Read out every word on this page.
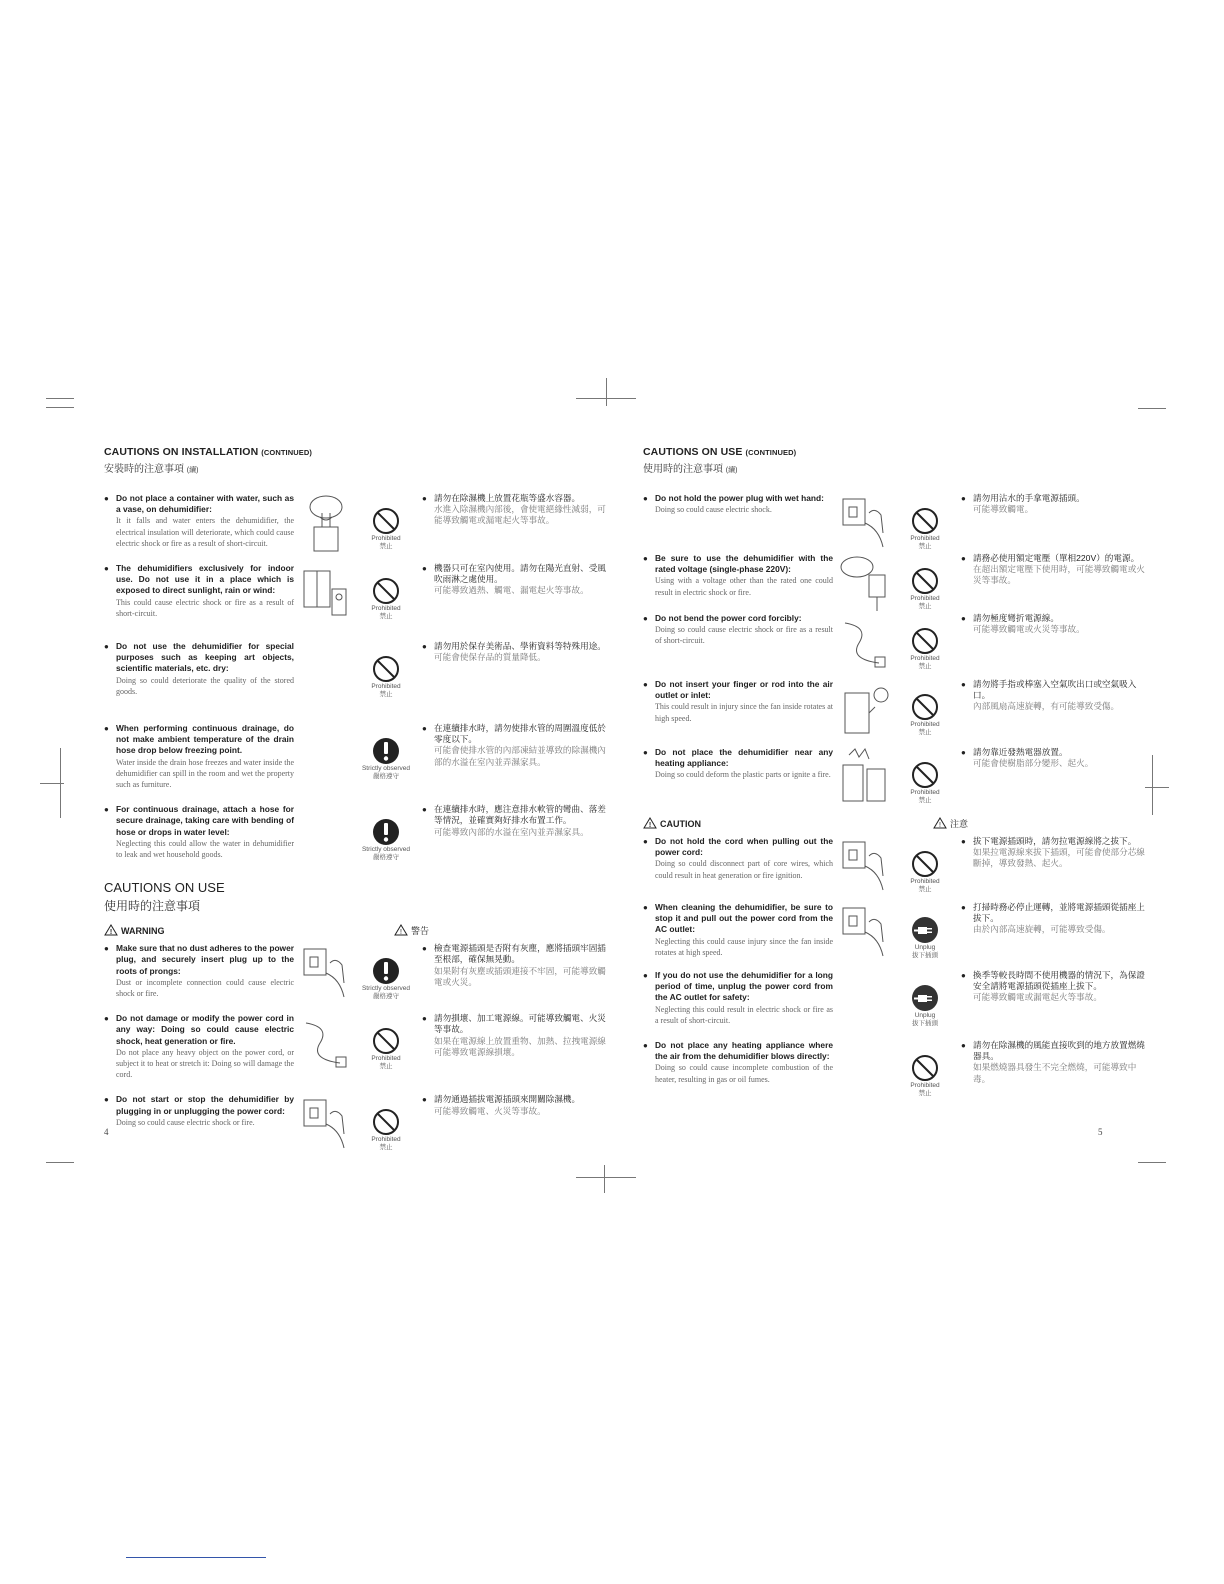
CAUTIONS ON INSTALLATION (CONTINUED)
安裝時的注意事項 (續)
● Do not place a container with water, such as a vase, on dehumidifier:
It it falls and water enters the dehumidifier, the electrical insulation will deteriorate, which could cause electric shock or fire as a result of short-circuit.
Prohibited
禁止
● 請勿在除濕機上放置花瓶等盛水容器。
水進入除濕機內部後，會使電絕緣性減弱，可能導致觸電或漏電起火等事故。
● The dehumidifiers exclusively for indoor use. Do not use it in a place which is exposed to direct sunlight, rain or wind:
This could cause electric shock or fire as a result of short-circuit.
Prohibited
禁止
● 機器只可在室內使用。請勿在陽光直射、受風吹雨淋之處使用。
可能導致過熱、觸電、漏電起火等事故。
● Do not use the dehumidifier for special purposes such as keeping art objects, scientific materials, etc. dry:
Doing so could deteriorate the quality of the stored goods.
Prohibited
禁止
● 請勿用於保存美術品、學術資料等特殊用途。
可能會使保存品的質量降低。
● When performing continuous drainage, do not make ambient temperature of the drain hose drop below freezing point.
Water inside the drain hose freezes and water inside the dehumidifier can spill in the room and wet the property such as furniture.
Strictly observed
嚴格遵守
● 在連續排水時，請勿使排水管的周圍溫度低於零度以下。
可能會使排水管的內部凍結並導致的除濕機內部的水溢在室內並弄濕家具。
● For continuous drainage, attach a hose for secure drainage, taking care with bending of hose or drops in water level:
Neglecting this could allow the water in dehumidifier to leak and wet household goods.
Strictly observed
嚴格遵守
● 在連續排水時，應注意排水軟管的彎曲、落差等情況，並確實夠好排水布置工作。
可能導致內部的水溢在室內並弄濕家具。
CAUTIONS ON USE
使用時的注意事項
! WARNING	! 警告
● Make sure that no dust adheres to the power plug, and securely insert plug up to the roots of prongs:
Dust or incomplete connection could cause electric shock or fire.
Strictly observed
嚴格遵守
● 檢查電源插頭是否附有灰塵，應將插頭牢固插至根部，確保無晃動。
如果附有灰塵或插頭連接不牢固，可能導致觸電或火災。
● Do not damage or modify the power cord in any way: Doing so could cause electric shock, heat generation or fire.
Do not place any heavy object on the power cord, or subject it to heat or stretch it: Doing so will damage the cord.
Prohibited
禁止
● 請勿損壞、加工電源線。可能導致觸電、火災等事故。
如果在電源線上放置重物、加熱、拉拽電源線可能導致電源線損壞。
● Do not start or stop the dehumidifier by plugging in or unplugging the power cord:
Doing so could cause electric shock or fire.
Prohibited
禁止
● 請勿通過插拔電源插頭來開關除濕機。
可能導致觸電、火災等事故。
4
CAUTIONS ON USE (CONTINUED)
使用時的注意事項 (續)
● Do not hold the power plug with wet hand:
Doing so could cause electric shock.
Prohibited
禁止
● 請勿用沾水的手拿電源插頭。
可能導致觸電。
● Be sure to use the dehumidifier with the rated voltage (single-phase 220V):
Using with a voltage other than the rated one could result in electric shock or fire.
Prohibited
禁止
● 請務必使用額定電壓（單相220V）的電源。
在超出額定電壓下使用時，可能導致觸電或火災等事故。
● Do not bend the power cord forcibly:
Doing so could cause electric shock or fire as a result of short-circuit.
Prohibited
禁止
● 請勿極度彎折電源線。
可能導致觸電或火災等事故。
● Do not insert your finger or rod into the air outlet or inlet:
This could result in injury since the fan inside rotates at high speed.
Prohibited
禁止
● 請勿將手指或棒塞入空氣吹出口或空氣吸入口。
內部風扇高速旋轉，有可能導致受傷。
● Do not place the dehumidifier near any heating appliance:
Doing so could deform the plastic parts or ignite a fire.
Prohibited
禁止
● 請勿靠近發熱電器放置。
可能會使樹脂部分變形、起火。
! CAUTION	! 注意
● Do not hold the cord when pulling out the power cord:
Doing so could disconnect part of core wires, which could result in heat generation or fire ignition.
Prohibited
禁止
● 拔下電源插頭時，請勿拉電源線將之拔下。
如果拉電源線來拔下插頭，可能會使部分芯線斷掉，導致發熱、起火。
● When cleaning the dehumidifier, be sure to stop it and pull out the power cord from the AC outlet:
Neglecting this could cause injury since the fan inside rotates at high speed.
Unplug
拔下插頭
● 打掃時務必停止運轉，並將電源插頭從插座上拔下。
由於內部高速旋轉，可能導致受傷。
● If you do not use the dehumidifier for a long period of time, unplug the power cord from the AC outlet for safety:
Neglecting this could result in electric shock or fire as a result of short-circuit.
Unplug
拔下插頭
● 換季等較長時間不使用機器的情況下，為保證安全請將電源插頭從插座上拔下。
可能導致觸電或漏電起火等事故。
● Do not place any heating appliance where the air from the dehumidifier blows directly:
Doing so could cause incomplete combustion of the heater, resulting in gas or oil fumes.
Prohibited
禁止
● 請勿在除濕機的風能直接吹到的地方放置燃燒器具。
如果燃燒器具發生不完全燃燒，可能導致中毒。
5
